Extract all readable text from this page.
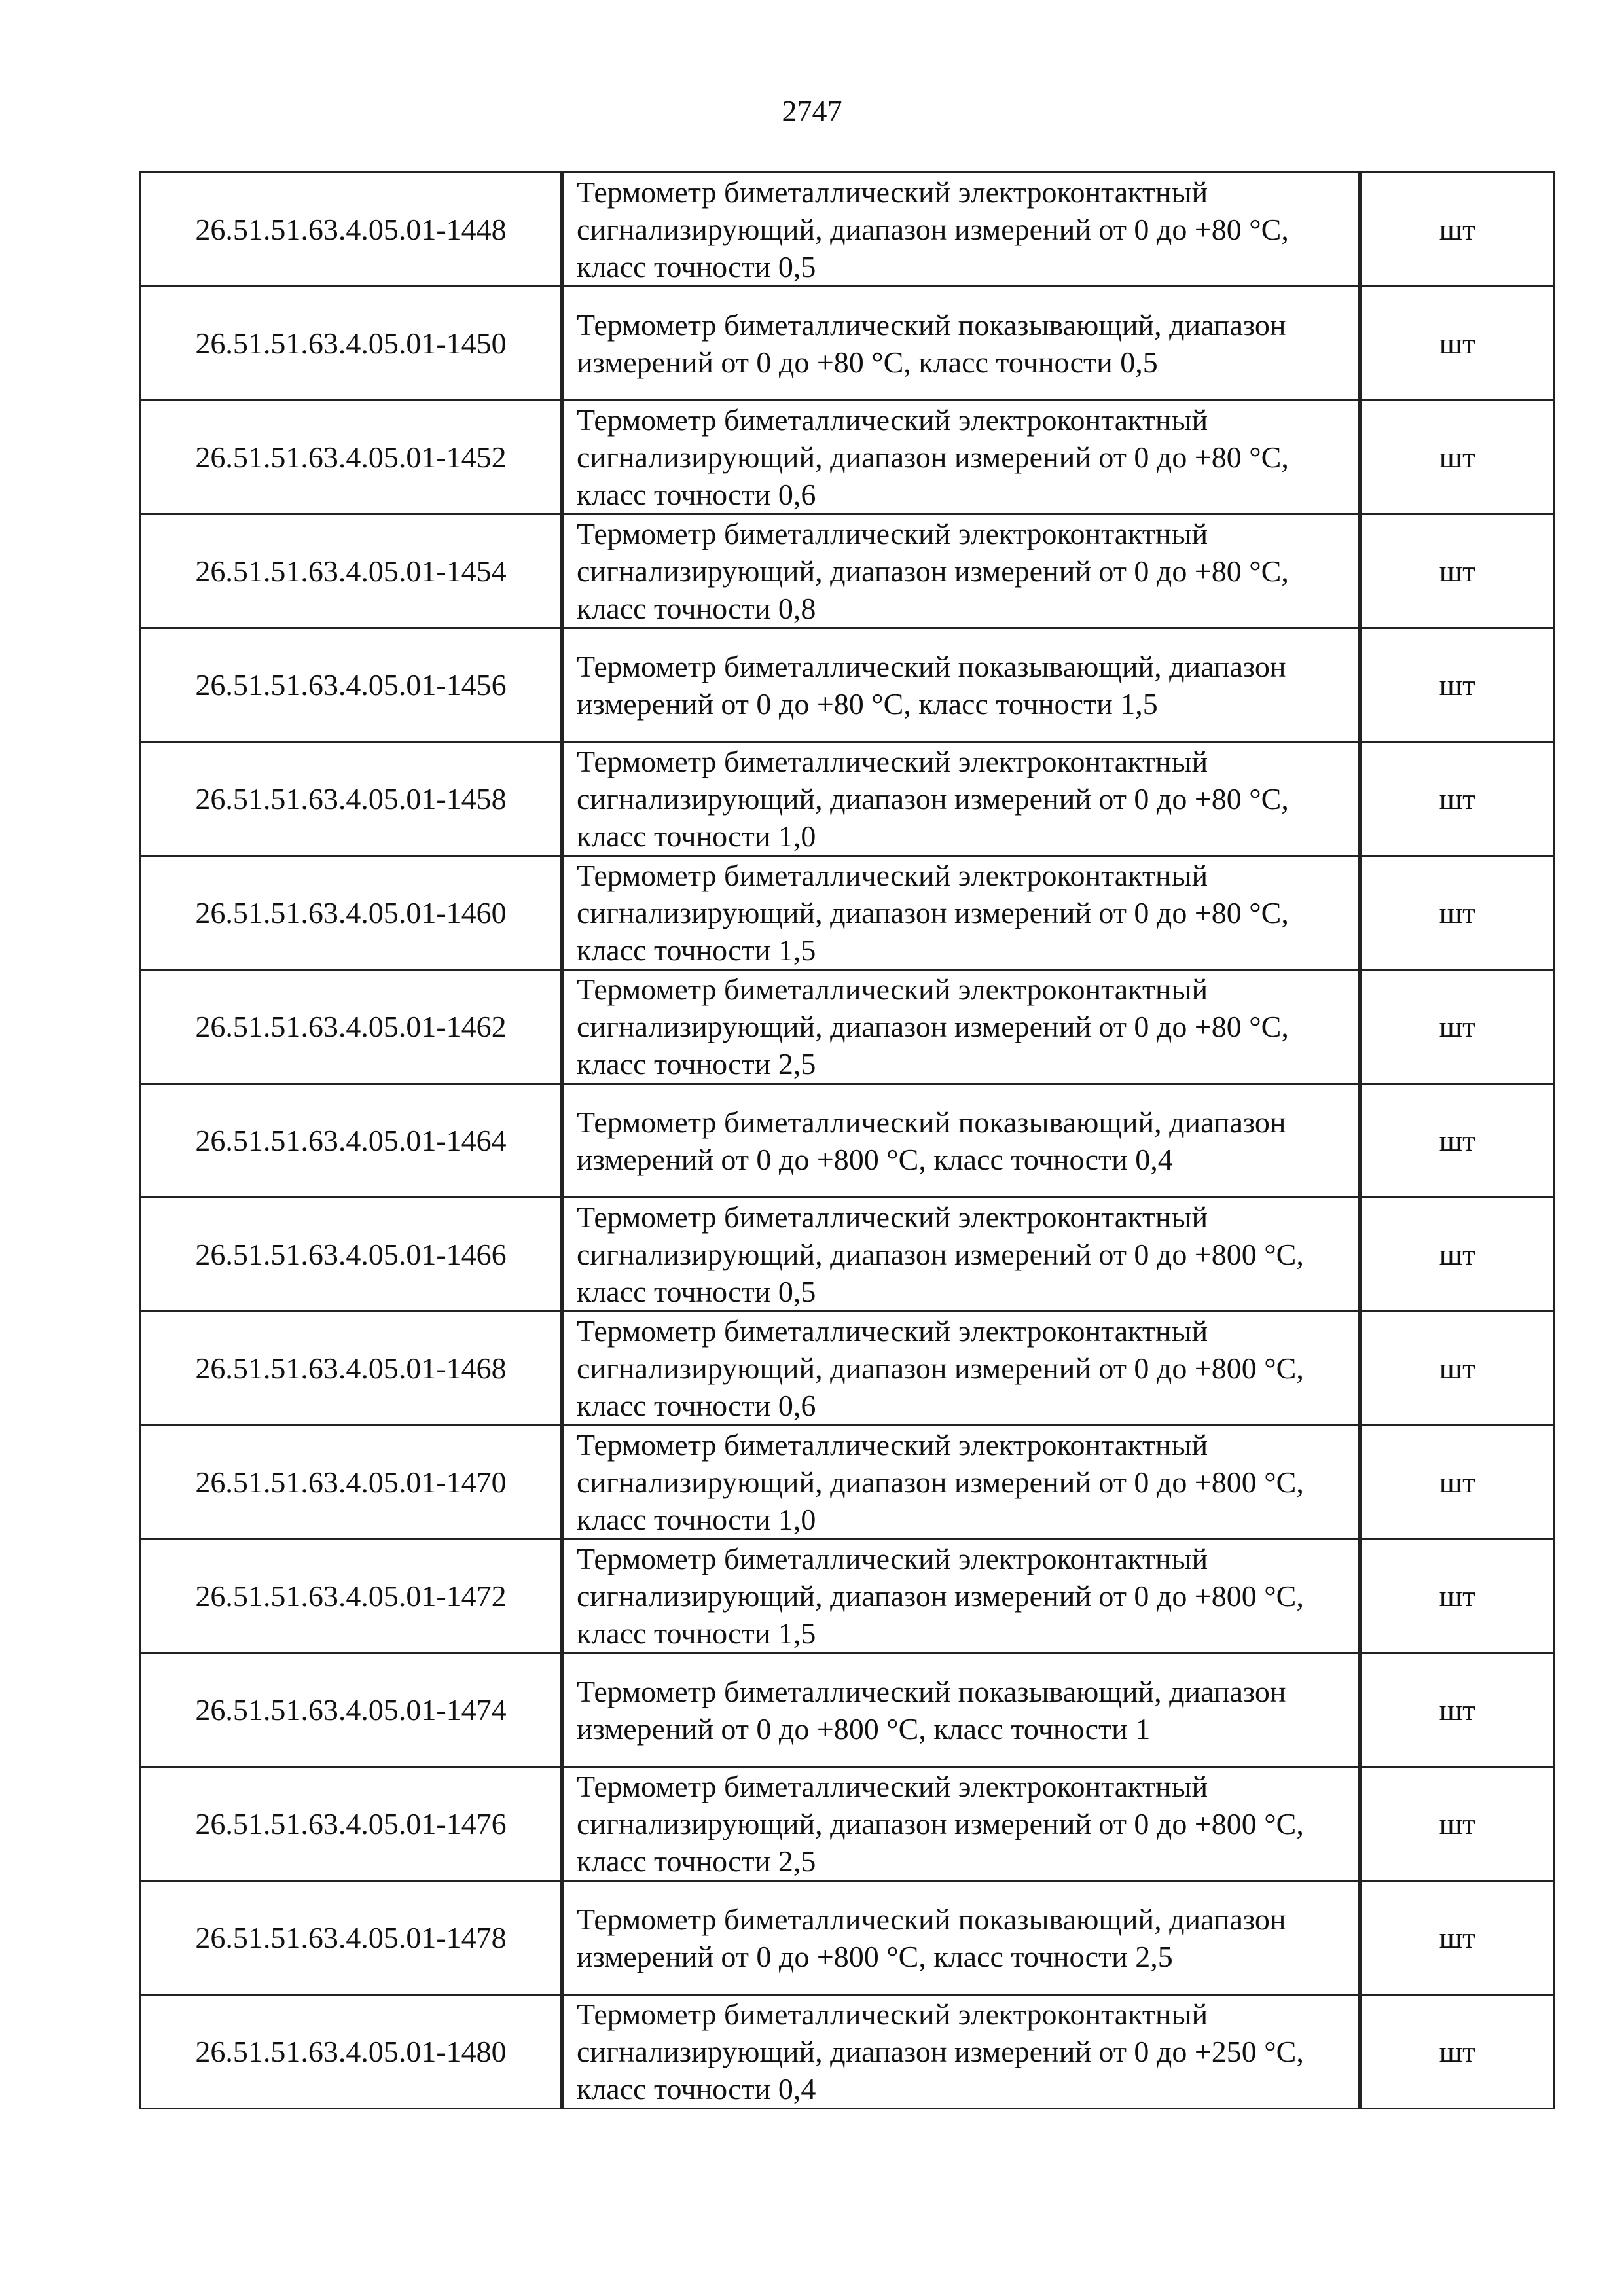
2747
26.51.51.63.4.05.01-1448	Термометр биметаллический электроконтактный сигнализирующий, диапазон измерений от 0 до +80 °С, класс точности 0,5	шт
26.51.51.63.4.05.01-1450	Термометр биметаллический показывающий, диапазон измерений от 0 до +80 °С, класс точности 0,5	шт
26.51.51.63.4.05.01-1452	Термометр биметаллический электроконтактный сигнализирующий, диапазон измерений от 0 до +80 °С, класс точности 0,6	шт
26.51.51.63.4.05.01-1454	Термометр биметаллический электроконтактный сигнализирующий, диапазон измерений от 0 до +80 °С, класс точности 0,8	шт
26.51.51.63.4.05.01-1456	Термометр биметаллический показывающий, диапазон измерений от 0 до +80 °С, класс точности 1,5	шт
26.51.51.63.4.05.01-1458	Термометр биметаллический электроконтактный сигнализирующий, диапазон измерений от 0 до +80 °С, класс точности 1,0	шт
26.51.51.63.4.05.01-1460	Термометр биметаллический электроконтактный сигнализирующий, диапазон измерений от 0 до +80 °С, класс точности 1,5	шт
26.51.51.63.4.05.01-1462	Термометр биметаллический электроконтактный сигнализирующий, диапазон измерений от 0 до +80 °С, класс точности 2,5	шт
26.51.51.63.4.05.01-1464	Термометр биметаллический показывающий, диапазон измерений от 0 до +800 °С, класс точности 0,4	шт
26.51.51.63.4.05.01-1466	Термометр биметаллический электроконтактный сигнализирующий, диапазон измерений от 0 до +800 °С, класс точности 0,5	шт
26.51.51.63.4.05.01-1468	Термометр биметаллический электроконтактный сигнализирующий, диапазон измерений от 0 до +800 °С, класс точности 0,6	шт
26.51.51.63.4.05.01-1470	Термометр биметаллический электроконтактный сигнализирующий, диапазон измерений от 0 до +800 °С, класс точности 1,0	шт
26.51.51.63.4.05.01-1472	Термометр биметаллический электроконтактный сигнализирующий, диапазон измерений от 0 до +800 °С, класс точности 1,5	шт
26.51.51.63.4.05.01-1474	Термометр биметаллический показывающий, диапазон измерений от 0 до +800 °С, класс точности 1	шт
26.51.51.63.4.05.01-1476	Термометр биметаллический электроконтактный сигнализирующий, диапазон измерений от 0 до +800 °С, класс точности 2,5	шт
26.51.51.63.4.05.01-1478	Термометр биметаллический показывающий, диапазон измерений от 0 до +800 °С, класс точности 2,5	шт
26.51.51.63.4.05.01-1480	Термометр биметаллический электроконтактный сигнализирующий, диапазон измерений от 0 до +250 °С, класс точности 0,4	шт
